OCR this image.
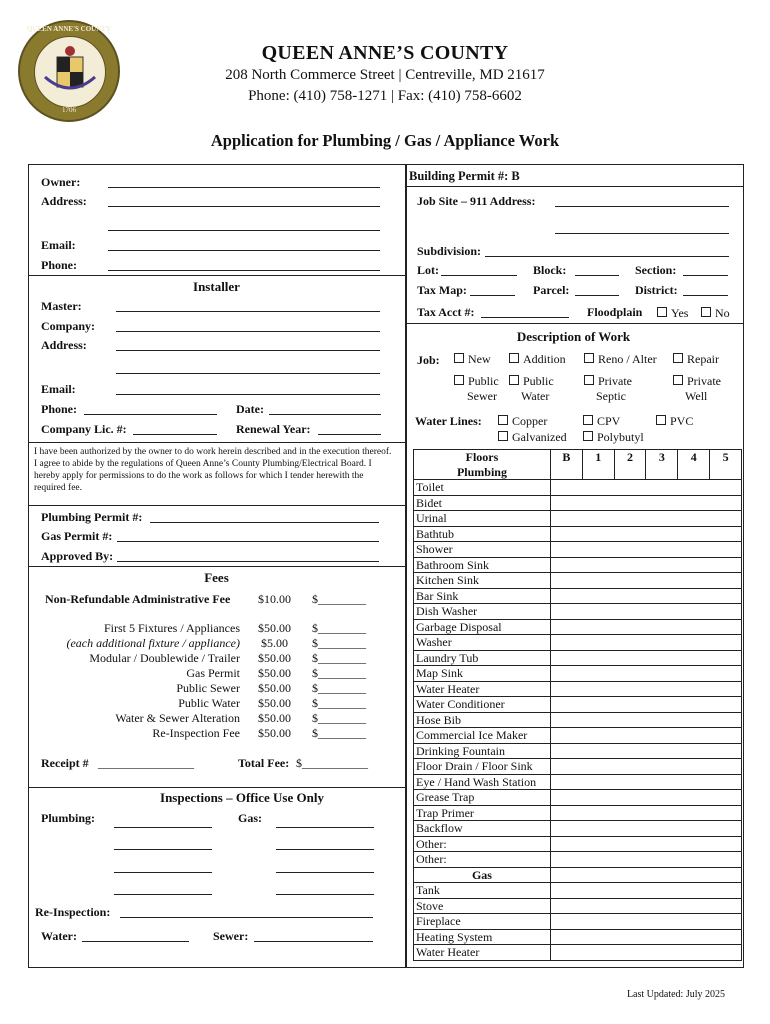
QUEEN ANNE'S COUNTY
1706
QUEEN ANNE’S COUNTY
208 North Commerce Street | Centreville, MD 21617
Phone: (410) 758-1271 | Fax: (410) 758-6602
Application for Plumbing / Gas / Appliance Work
Owner:
Address:
Email:
Phone:
Installer
Master:
Company:
Address:
Email:
Phone:	Date:
Company Lic. #:	Renewal Year:
I have been authorized by the owner to do work herein described and in the execution thereof. I agree to abide by the regulations of Queen Anne’s County Plumbing/Electrical Board. I hereby apply for permissions to do the work as follows for which I tender herewith the required fee.
Plumbing Permit #:
Gas Permit #:
Approved By:
Fees
Non-Refundable Administrative Fee $10.00 $________
First 5 Fixtures / Appliances $50.00 $________
(each additional fixture / appliance) $5.00 $________
Modular / Doublewide / Trailer $50.00 $________
Gas Permit $50.00 $________
Public Sewer $50.00 $________
Public Water $50.00 $________
Water & Sewer Alteration $50.00 $________
Re-Inspection Fee $50.00 $________
Receipt # ________________	Total Fee: $___________
Inspections – Office Use Only
Plumbing:	Gas:
Re-Inspection:
Water:	Sewer:
Building Permit #: B
Job Site – 911 Address:
Subdivision:
Lot:	Block:	Section:
Tax Map:	Parcel:	District:
Tax Acct #:	Floodplain	Yes	No
Description of Work
Job:	New	Addition	Reno / Alter	Repair
Public
Sewer
Public
Water
Private
Septic
Private
Well
Water Lines:	Copper	CPV	PVC
Galvanized	Polybutyl
Floors	B	1	2	3	4	5
Plumbing						
Toilet						
Bidet						
Urinal						
Bathtub						
Shower						
Bathroom Sink						
Kitchen Sink						
Bar Sink						
Dish Washer						
Garbage Disposal						
Washer						
Laundry Tub						
Map Sink						
Water Heater						
Water Conditioner						
Hose Bib						
Commercial Ice Maker						
Drinking Fountain						
Floor Drain / Floor Sink						
Eye / Hand Wash Station						
Grease Trap						
Trap Primer						
Backflow						
Other:						
Other:						
Gas						
Tank						
Stove						
Fireplace						
Heating System						
Water Heater						
Last Updated: July 2025
